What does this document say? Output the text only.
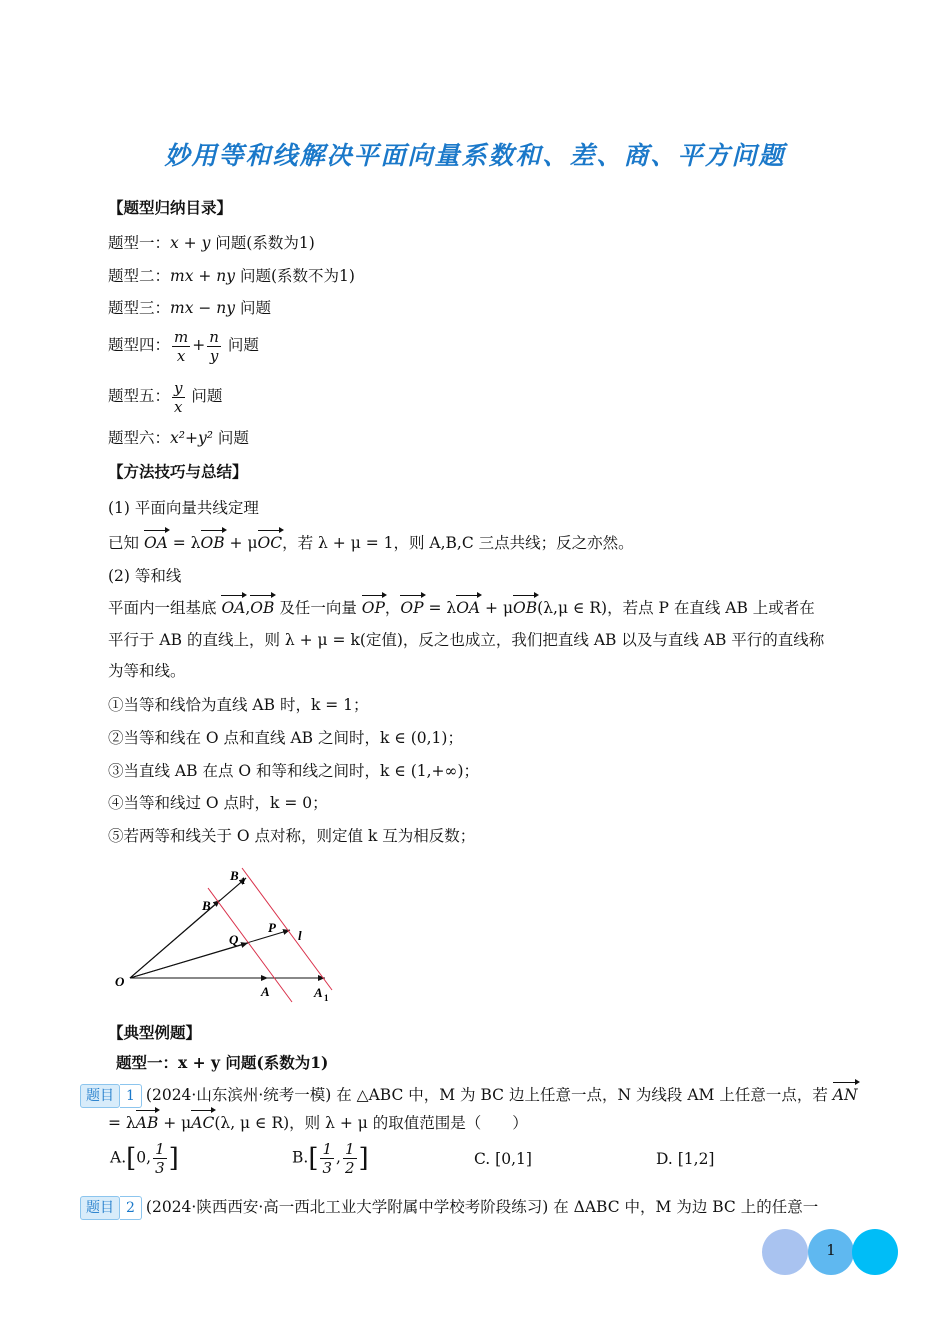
妙用等和线解决平面向量系数和、差、商、平方问题
【题型归纳目录】
题型一：x + y 问题(系数为1)
题型二：mx + ny 问题(系数不为1)
题型三：mx − ny 问题
题型四： $\frac{m}{x} + \frac{n}{y}$ 问题
题型五： $\frac{y}{x}$ 问题
题型六：x²+y² 问题
【方法技巧与总结】
(1) 平面向量共线定理
已知 OA = λOB + μOC，若 λ + μ = 1，则 A,B,C 三点共线；反之亦然。
(2) 等和线
平面内一组基底 OA,OB 及任一向量 OP，OP = λOA + μOB(λ,μ ∈ R)，若点 P 在直线 AB 上或者在
平行于 AB 的直线上，则 λ + μ = k(定值)，反之也成立，我们把直线 AB 以及与直线 AB 平行的直线称
为等和线。
①当等和线恰为直线 AB 时，k = 1；
②当等和线在 O 点和直线 AB 之间时，k ∈ (0,1)；
③当直线 AB 在点 O 和等和线之间时，k ∈ (1,+∞)；
④当等和线过 O 点时，k = 0；
⑤若两等和线关于 O 点对称，则定值 k 互为相反数；
B 1
B
Q
P
l
O
A	A 1
【典型例题】
题型一：x + y 问题(系数为1)
题目 1 (2024·山东滨州·统考一模) 在 △ABC 中，M 为 BC 边上任意一点，N 为线段 AM 上任意一点，若 AN
= λAB + μAC(λ, μ ∈ R)，则 λ + μ 的取值范围是（　　）
A.[0, $\frac{1}{3}$ ]	$B.[ \frac{1}{3}$ , $\frac{1}{2}$ ]	C. [0,1]	D. [1,2]
题目 2 (2024·陕西西安·高一西北工业大学附属中学校考阶段练习) 在 ΔABC 中，M 为边 BC 上的任意一
1
